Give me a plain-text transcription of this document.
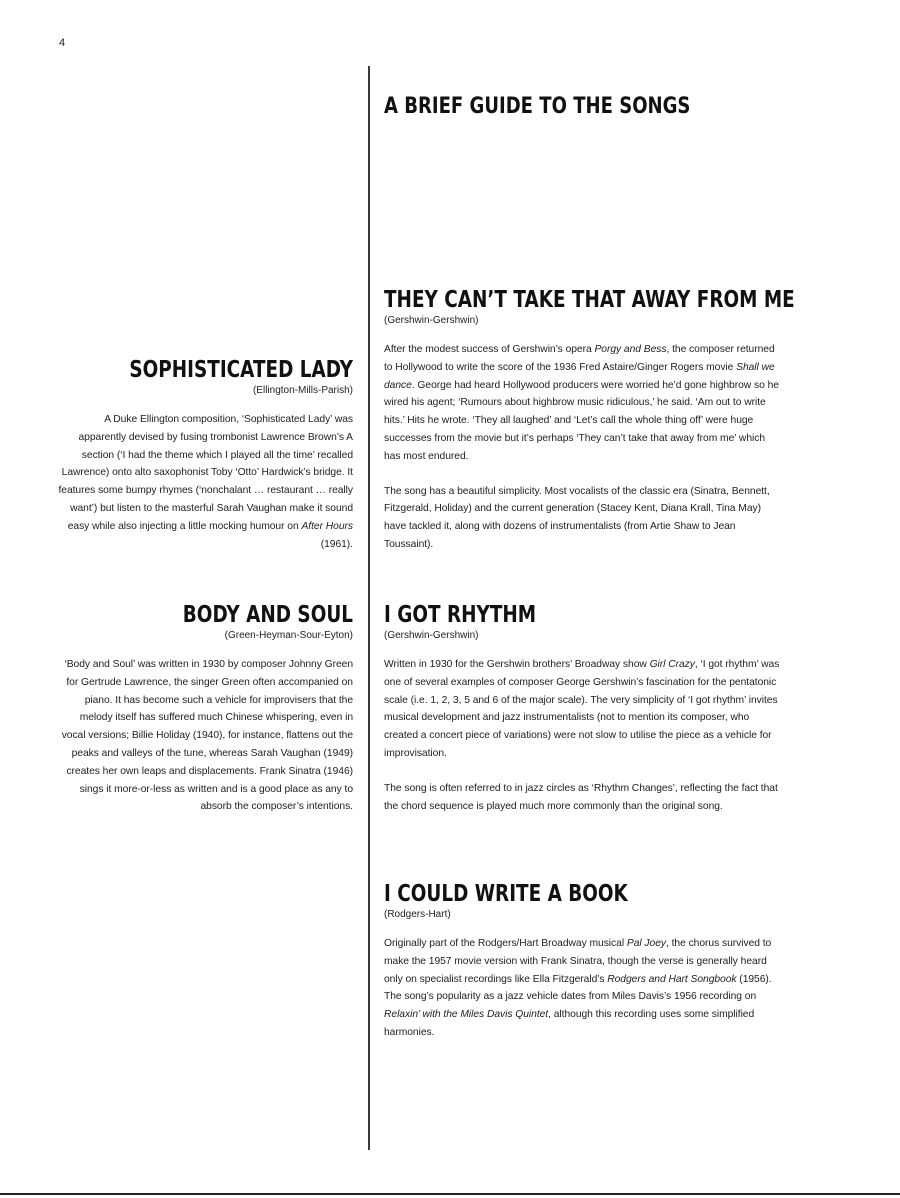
4
A BRIEF GUIDE TO THE SONGS
THEY CAN’T TAKE THAT AWAY FROM ME
(Gershwin-Gershwin)

After the modest success of Gershwin’s opera Porgy and Bess, the composer returned to Hollywood to write the score of the 1936 Fred Astaire/Ginger Rogers movie Shall we dance. George had heard Hollywood producers were worried he’d gone highbrow so he wired his agent; ‘Rumours about highbrow music ridiculous,’ he said. ‘Am out to write hits.’ Hits he wrote. ‘They all laughed’ and ‘Let’s call the whole thing off’ were huge successes from the movie but it’s perhaps ‘They can’t take that away from me’ which has most endured.

The song has a beautiful simplicity. Most vocalists of the classic era (Sinatra, Bennett, Fitzgerald, Holiday) and the current generation (Stacey Kent, Diana Krall, Tina May) have tackled it, along with dozens of instrumentalists (from Artie Shaw to Jean Toussaint).

SOPHISTICATED LADY
(Ellington-Mills-Parish)

A Duke Ellington composition, ‘Sophisticated Lady’ was apparently devised by fusing trombonist Lawrence Brown’s A section (‘I had the theme which I played all the time’ recalled Lawrence) onto alto saxophonist Toby ‘Otto’ Hardwick’s bridge. It features some bumpy rhymes (‘nonchalant … restaurant … really want’) but listen to the masterful Sarah Vaughan make it sound easy while also injecting a little mocking humour on After Hours (1961).

BODY AND SOUL
(Green-Heyman-Sour-Eyton)

‘Body and Soul’ was written in 1930 by composer Johnny Green for Gertrude Lawrence, the singer Green often accompanied on piano. It has become such a vehicle for improvisers that the melody itself has suffered much Chinese whispering, even in vocal versions; Billie Holiday (1940), for instance, flattens out the peaks and valleys of the tune, whereas Sarah Vaughan (1949) creates her own leaps and displacements. Frank Sinatra (1946) sings it more-or-less as written and is a good place as any to absorb the composer’s intentions.

I GOT RHYTHM
(Gershwin-Gershwin)

Written in 1930 for the Gershwin brothers’ Broadway show Girl Crazy, ‘I got rhythm’ was one of several examples of composer George Gershwin’s fascination for the pentatonic scale (i.e. 1, 2, 3, 5 and 6 of the major scale). The very simplicity of ‘I got rhythm’ invites musical development and jazz instrumentalists (not to mention its composer, who created a concert piece of variations) were not slow to utilise the piece as a vehicle for improvisation.

The song is often referred to in jazz circles as ‘Rhythm Changes’, reflecting the fact that the chord sequence is played much more commonly than the original song.

I COULD WRITE A BOOK
(Rodgers-Hart)

Originally part of the Rodgers/Hart Broadway musical Pal Joey, the chorus survived to make the 1957 movie version with Frank Sinatra, though the verse is generally heard only on specialist recordings like Ella Fitzgerald’s Rodgers and Hart Songbook (1956). The song’s popularity as a jazz vehicle dates from Miles Davis’s 1956 recording on Relaxin’ with the Miles Davis Quintet, although this recording uses some simplified harmonies.
